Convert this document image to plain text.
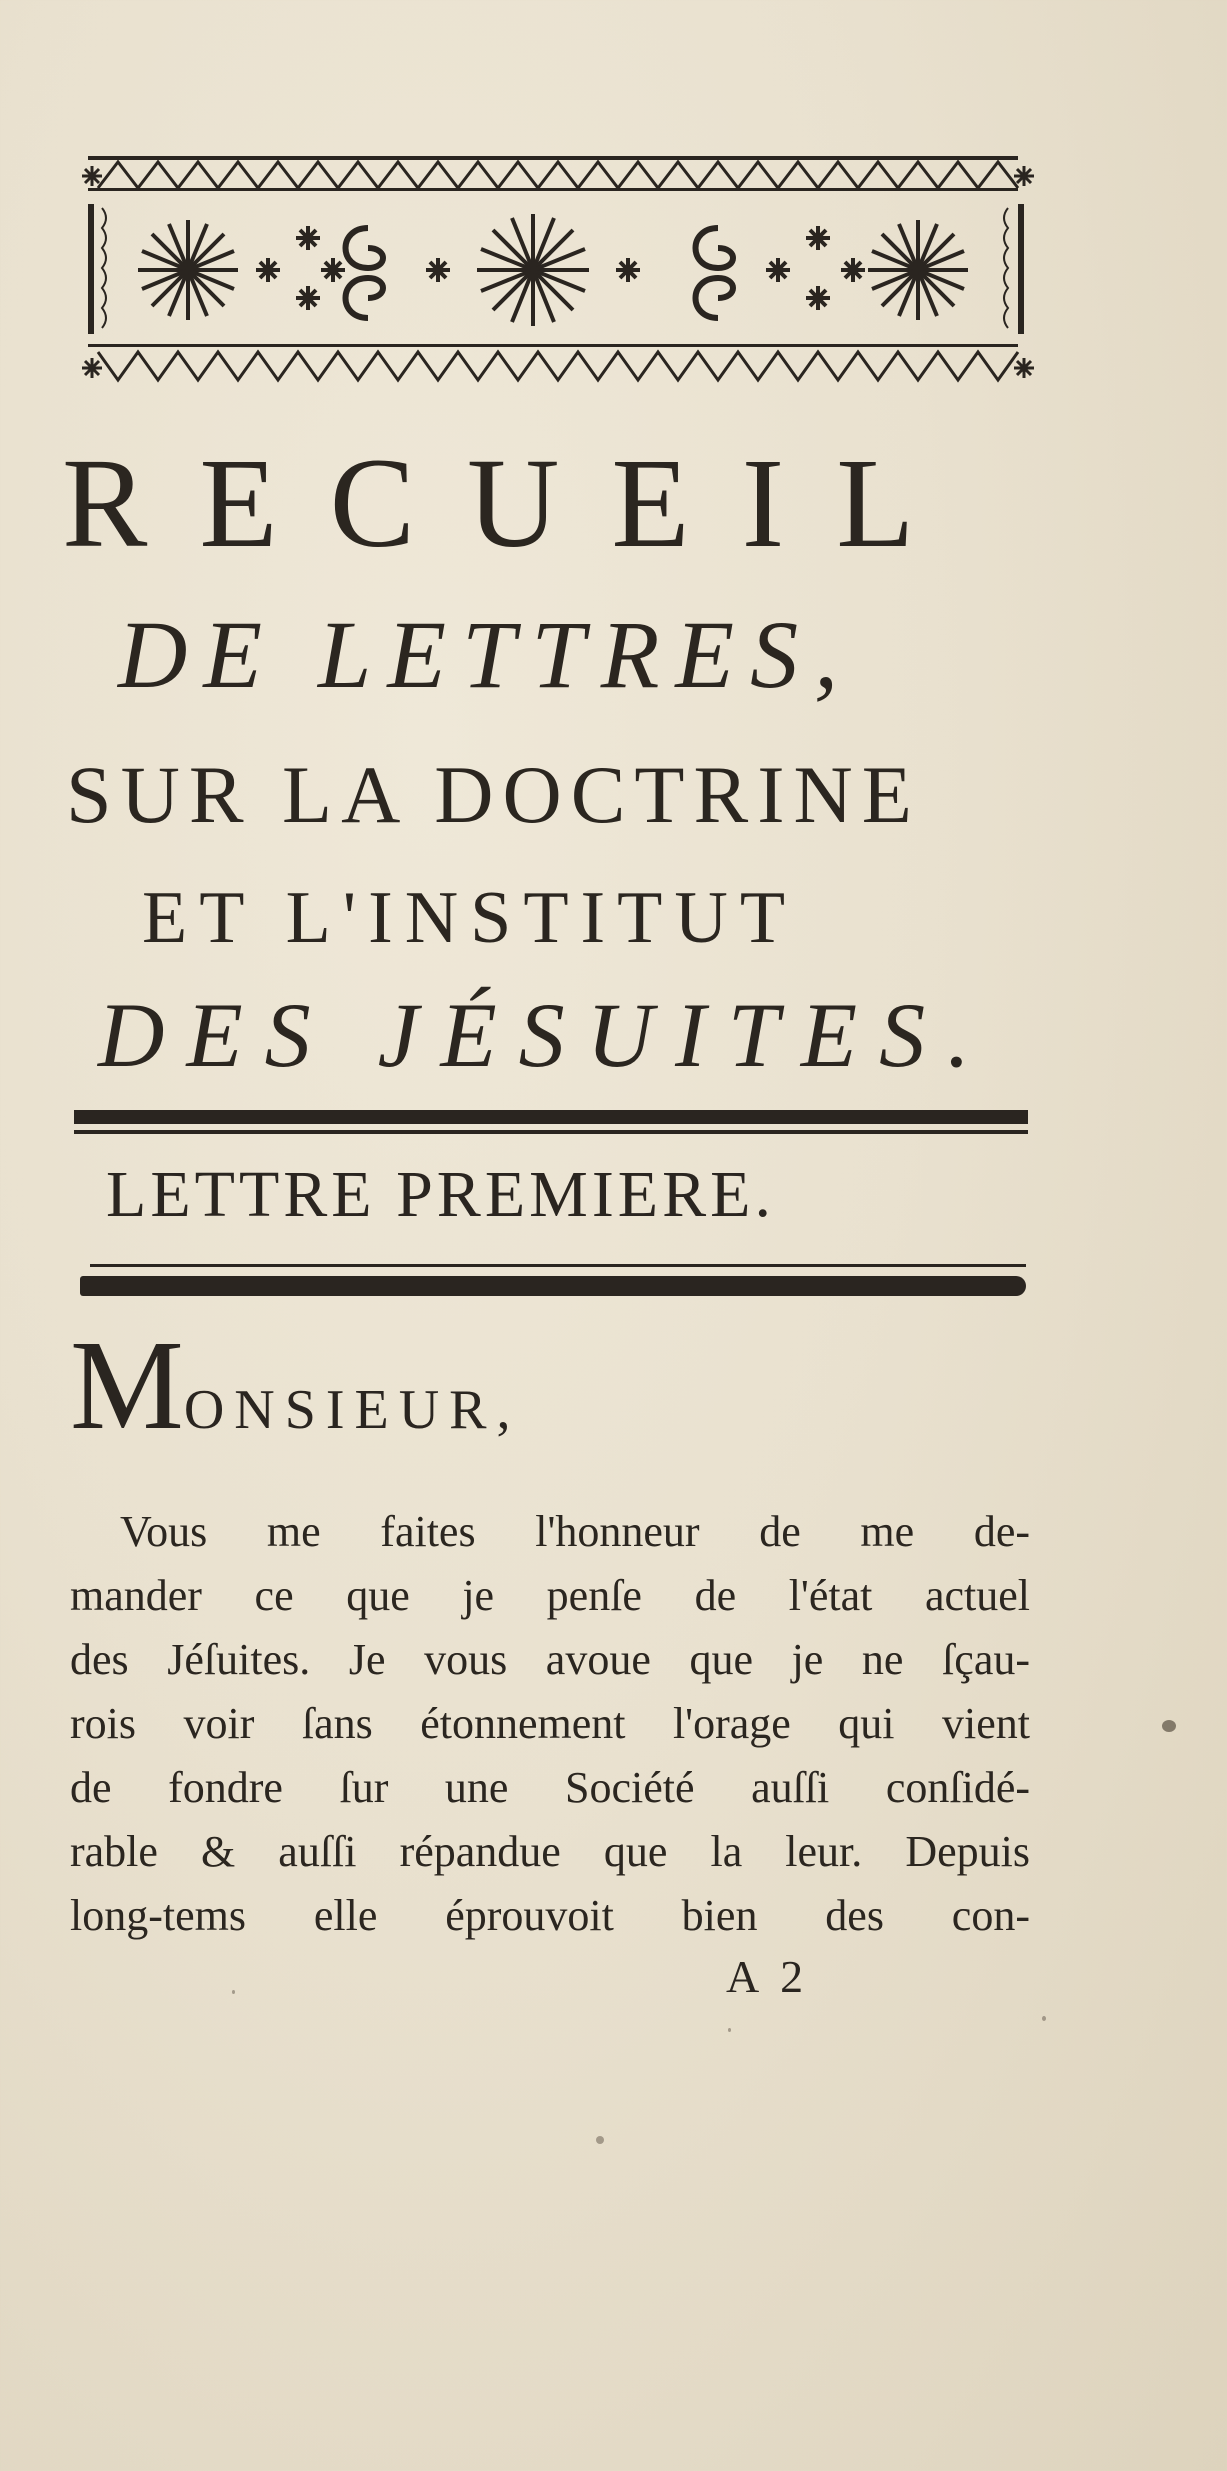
RECUEIL
DE LETTRES,
SUR LA DOCTRINE
ET L'INSTITUT
DES JÉSUITES.
LETTRE PREMIERE.
MONSIEUR,
Vous me faites l'honneur de me de-
mander ce que je penſe de l'état actuel
des Jéſuites. Je vous avoue que je ne ſçau-
rois voir ſans étonnement l'orage qui vient
de fondre ſur une Société auſſi conſidé-
rable & auſſi répandue que la leur. Depuis
long-tems elle éprouvoit bien des con-
A 2
